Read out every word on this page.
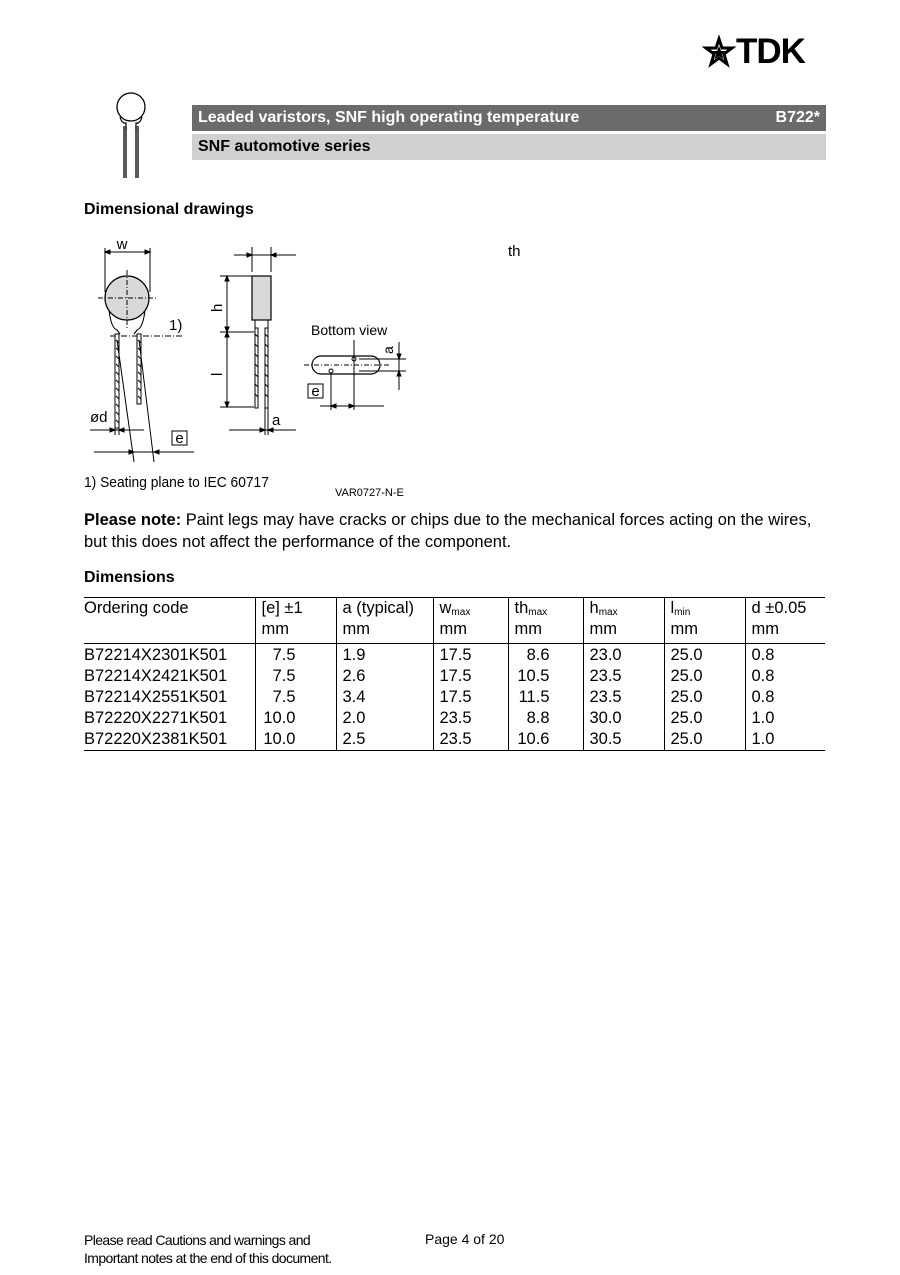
TDK
Leaded varistors, SNF high operating temperature	B722*
SNF automotive series
Dimensional drawings
w
1)
ød
e
th
h
l
a
Bottom view
a
e
1) Seating plane to IEC 60717
VAR0727-N-E
Please note: Paint legs may have cracks or chips due to the mechanical forces acting on the wires, but this does not affect the performance of the component.
Dimensions
Ordering code	[e] ±1	a (typical)	$w_{max}$	$th_{max}$	$h_{max}$	$l_{min}$	d ±0.05
	mm	mm	mm	mm	mm	mm	mm
B72214X2301K501	7.5	1.9	17.5	8.6	23.0	25.0	0.8
B72214X2421K501	7.5	2.6	17.5	10.5	23.5	25.0	0.8
B72214X2551K501	7.5	3.4	17.5	11.5	23.5	25.0	0.8
B72220X2271K501	10.0	2.0	23.5	8.8	30.0	25.0	1.0
B72220X2381K501	10.0	2.5	23.5	10.6	30.5	25.0	1.0
Please read Cautions and warnings and
Important notes at the end of this document.
Page 4 of 20
